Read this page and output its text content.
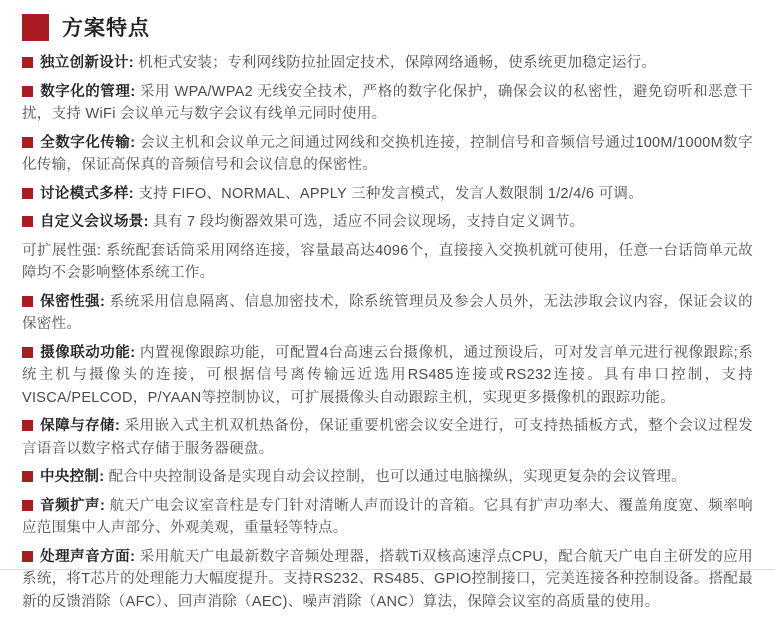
方案特点

独立创新设计: 机柜式安装；专利网线防拉扯固定技术，保障网络通畅，使系统更加稳定运行。

数字化的管理: 采用 WPA/WPA2 无线安全技术，严格的数字化保护，确保会议的私密性，避免窃听和恶意干扰，支持 WiFi 会议单元与数字会议有线单元同时使用。

全数字化传输: 会议主机和会议单元之间通过网线和交换机连接，控制信号和音频信号通过100M/1000M数字化传输，保证高保真的音频信号和会议信息的保密性。

讨论模式多样: 支持 FIFO、NORMAL、APPLY 三种发言模式，发言人数限制 1/2/4/6 可调。

自定义会议场景: 具有 7 段均衡器效果可选，适应不同会议现场，支持自定义调节。

可扩展性强: 系统配套话筒采用网络连接，容量最高达4096个，直接接入交换机就可使用，任意一台话筒单元故障均不会影响整体系统工作。

保密性强: 系统采用信息隔离、信息加密技术，除系统管理员及参会人员外，无法涉取会议内容，保证会议的保密性。

摄像联动功能: 内置视像跟踪功能，可配置4台高速云台摄像机，通过预设后，可对发言单元进行视像跟踪;系统主机与摄像头的连接，可根据信号离传输远近选用RS485连接或RS232连接。具有串口控制，支持VISCA/PELCOD，P/YAAN等控制协议，可扩展摄像头自动跟踪主机，实现更多摄像机的跟踪功能。

保障与存储: 采用嵌入式主机双机热备份，保证重要机密会议安全进行，可支持热插板方式，整个会议过程发言语音以数字格式存储于服务器硬盘。

中央控制: 配合中央控制设备是实现自动会议控制，也可以通过电脑操纵，实现更复杂的会议管理。

音频扩声: 航天广电会议室音柱是专门针对清晰人声而设计的音箱。它具有扩声功率大、覆盖角度宽、频率响应范围集中人声部分、外观美观，重量轻等特点。

处理声音方面: 采用航天广电最新数字音频处理器，搭载Ti双核高速浮点CPU，配合航天广电自主研发的应用系统，将T芯片的处理能力大幅度提升。支持RS232、RS485、GPIO控制接口，完美连接各种控制设备。搭配最新的反馈消除（AFC）、回声消除（AEC)、噪声消除（ANC）算法，保障会议室的高质量的使用。
